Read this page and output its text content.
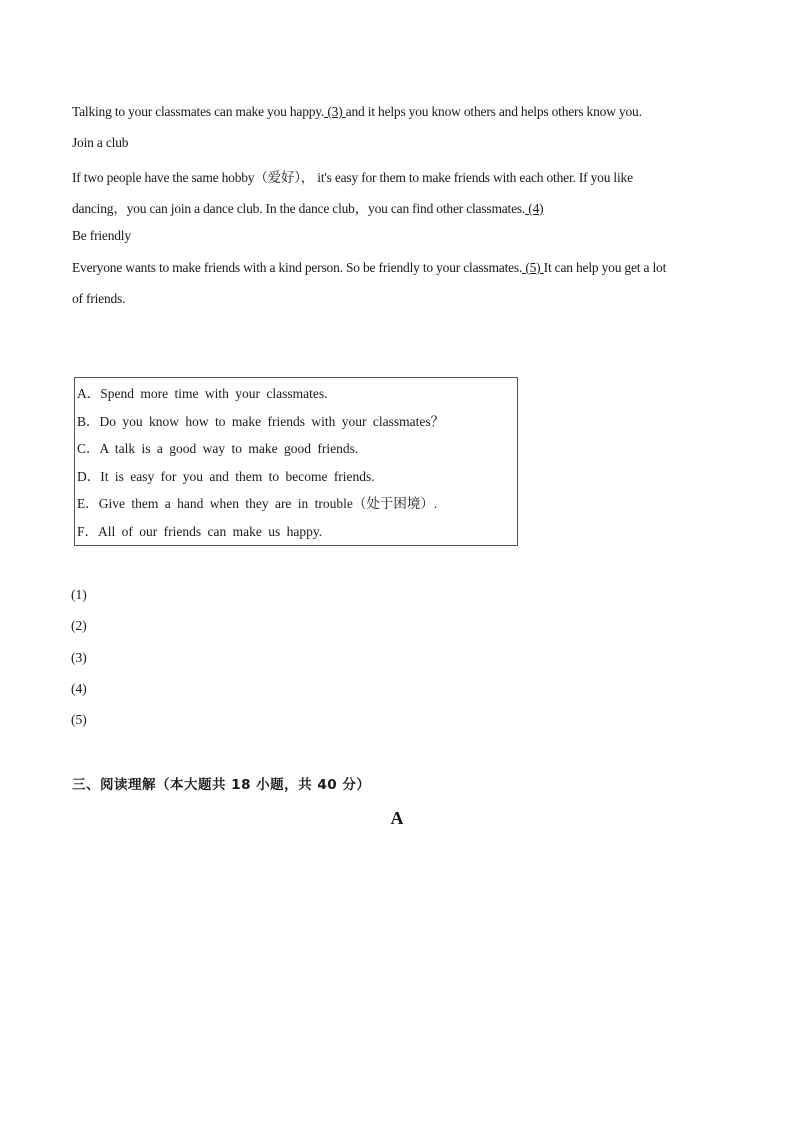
Talking to your classmates can make you happy. (3) and it helps you know others and helps others know you.
Join a club
If two people have the same hobby（爱好）， it's easy for them to make friends with each other. If you like
dancing，you can join a dance club. In the dance club，you can find other classmates. (4)
Be friendly
Everyone wants to make friends with a kind person. So be friendly to your classmates. (5) It can help you get a lot
of friends.
A．Spend more time with your classmates.
B．Do you know how to make friends with your classmates？
C．A talk is a good way to make good friends.
D．It is easy for you and them to become friends.
E．Give them a hand when they are in trouble（处于困境）.
F．All of our friends can make us happy.
(1)
(2)
(3)
(4)
(5)
三、阅读理解（本大题共 18 小题，共 40 分）
A
